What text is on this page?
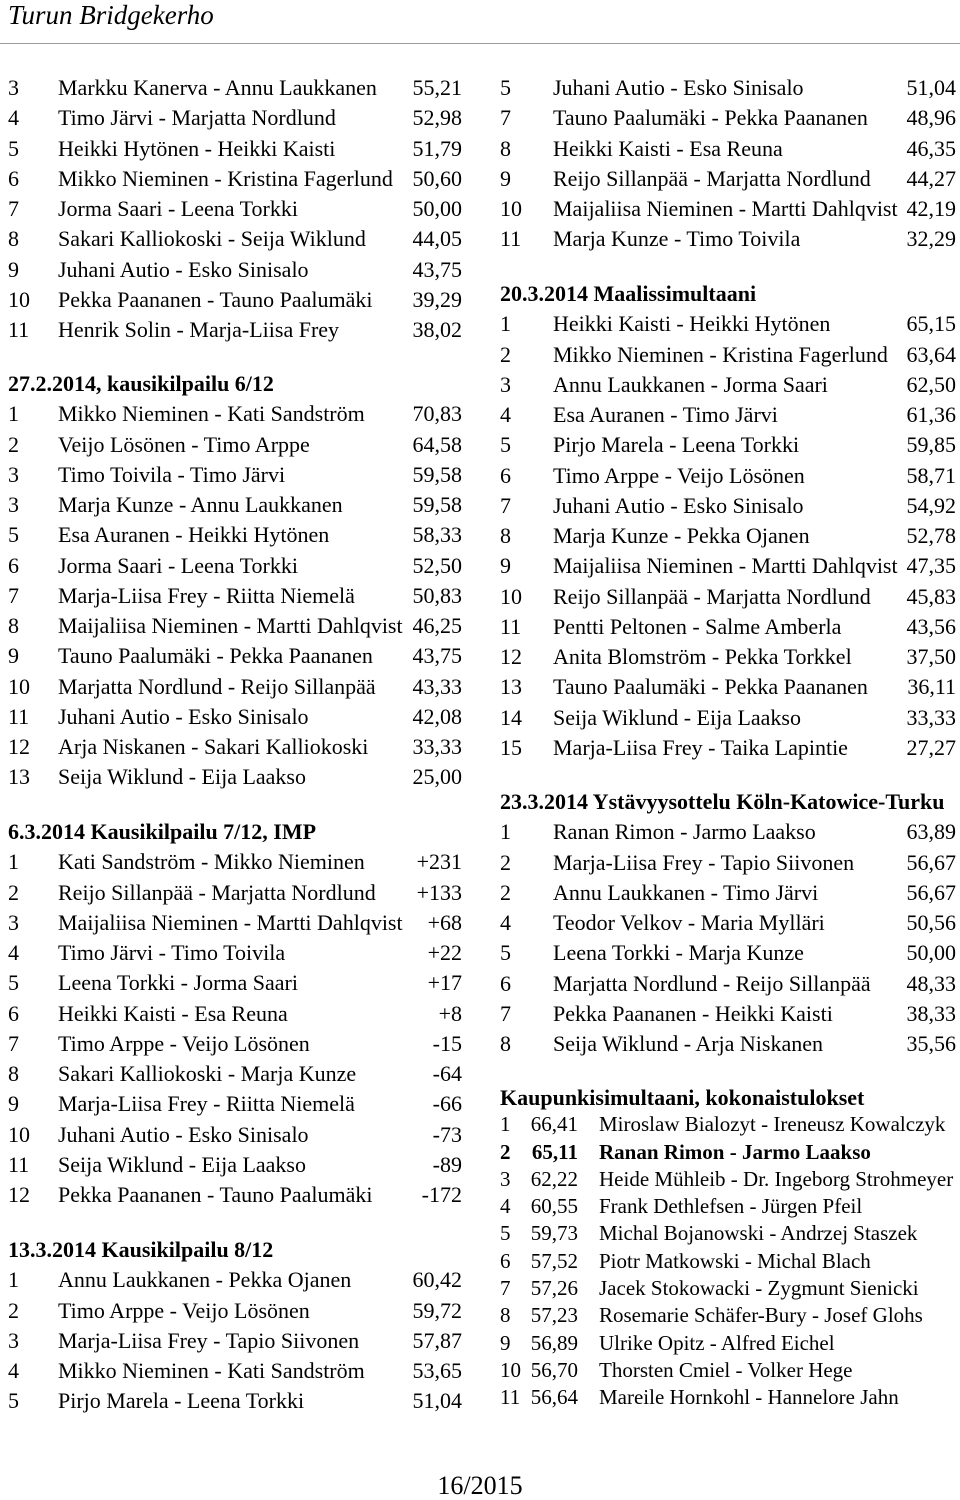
Turun Bridgekerho
3	Markku Kanerva - Annu Laukkanen	55,21
4	Timo Järvi - Marjatta Nordlund	52,98
5	Heikki Hytönen - Heikki Kaisti	51,79
6	Mikko Nieminen - Kristina Fagerlund 50,60
7	Jorma Saari - Leena Torkki	50,00
8	Sakari Kalliokoski - Seija Wiklund	44,05
9	Juhani Autio - Esko Sinisalo	43,75
10	Pekka Paananen - Tauno Paalumäki	39,29
11	Henrik Solin - Marja-Liisa Frey	38,02
27.2.2014, kausikilpailu 6/12
1	Mikko Nieminen - Kati Sandström	70,83
2	Veijo Lösönen - Timo Arppe	64,58
3	Timo Toivila - Timo Järvi	59,58
3	Marja Kunze - Annu Laukkanen	59,58
5	Esa Auranen - Heikki Hytönen	58,33
6	Jorma Saari - Leena Torkki	52,50
7	Marja-Liisa Frey - Riitta Niemelä	50,83
8	Maijaliisa Nieminen - Martti Dahlqvist 46,25
9	Tauno Paalumäki - Pekka Paananen	43,75
10	Marjatta Nordlund - Reijo Sillanpää	43,33
11	Juhani Autio - Esko Sinisalo	42,08
12	Arja Niskanen - Sakari Kalliokoski	33,33
13	Seija Wiklund - Eija Laakso	25,00
6.3.2014 Kausikilpailu 7/12, IMP
1	Kati Sandström - Mikko Nieminen	+231
2	Reijo Sillanpää - Marjatta Nordlund	+133
3	Maijaliisa Nieminen - Martti Dahlqvist	+68
4	Timo Järvi - Timo Toivila	+22
5	Leena Torkki - Jorma Saari	+17
6	Heikki Kaisti - Esa Reuna	+8
7	Timo Arppe - Veijo Lösönen	-15
8	Sakari Kalliokoski - Marja Kunze	-64
9	Marja-Liisa Frey - Riitta Niemelä	-66
10	Juhani Autio - Esko Sinisalo	-73
11	Seija Wiklund - Eija Laakso	-89
12	Pekka Paananen - Tauno Paalumäki	-172
13.3.2014 Kausikilpailu 8/12
1	Annu Laukkanen - Pekka Ojanen	60,42
2	Timo Arppe - Veijo Lösönen	59,72
3	Marja-Liisa Frey - Tapio Siivonen	57,87
4	Mikko Nieminen - Kati Sandström	53,65
5	Pirjo Marela - Leena Torkki	51,04
5	Juhani Autio - Esko Sinisalo	51,04
7	Tauno Paalumäki - Pekka Paananen	48,96
8	Heikki Kaisti - Esa Reuna	46,35
9	Reijo Sillanpää - Marjatta Nordlund	44,27
10	Maijaliisa Nieminen - Martti Dahlqvist 42,19
11	Marja Kunze - Timo Toivila	32,29
20.3.2014 Maalissimultaani
1	Heikki Kaisti - Heikki Hytönen	65,15
2	Mikko Nieminen - Kristina Fagerlund 63,64
3	Annu Laukkanen - Jorma Saari	62,50
4	Esa Auranen - Timo Järvi	61,36
5	Pirjo Marela - Leena Torkki	59,85
6	Timo Arppe - Veijo Lösönen	58,71
7	Juhani Autio - Esko Sinisalo	54,92
8	Marja Kunze - Pekka Ojanen	52,78
9	Maijaliisa Nieminen - Martti Dahlqvist 47,35
10	Reijo Sillanpää - Marjatta Nordlund	45,83
11	Pentti Peltonen - Salme Amberla	43,56
12	Anita Blomström - Pekka Torkkel	37,50
13	Tauno Paalumäki - Pekka Paananen	36,11
14	Seija Wiklund - Eija Laakso	33,33
15	Marja-Liisa Frey - Taika Lapintie	27,27
23.3.2014 Ystävyysottelu Köln-Katowice-Turku
1	Ranan Rimon - Jarmo Laakso	63,89
2	Marja-Liisa Frey - Tapio Siivonen	56,67
2	Annu Laukkanen - Timo Järvi	56,67
4	Teodor Velkov - Maria Mylläri	50,56
5	Leena Torkki - Marja Kunze	50,00
6	Marjatta Nordlund - Reijo Sillanpää	48,33
7	Pekka Paananen - Heikki Kaisti	38,33
8	Seija Wiklund - Arja Niskanen	35,56
Kaupunkisimultaani, kokonaistulokset
1 66,41 Miroslaw Bialozyt - Ireneusz Kowalczyk
2	65,11 Ranan Rimon - Jarmo Laakso
3 62,22 Heide Mühleib - Dr. Ingeborg Strohmeyer
4 60,55 Frank Dethlefsen - Jürgen Pfeil
5 59,73 Michal Bojanowski - Andrzej Staszek
6 57,52 Piotr Matkowski - Michal Blach
7 57,26 Jacek Stokowacki - Zygmunt Sienicki
8 57,23 Rosemarie Schäfer-Bury - Josef Glohs
9 56,89 Ulrike Opitz - Alfred Eichel
10 56,70 Thorsten Cmiel - Volker Hege
11 56,64 Mareile Hornkohl - Hannelore Jahn
16/2015
